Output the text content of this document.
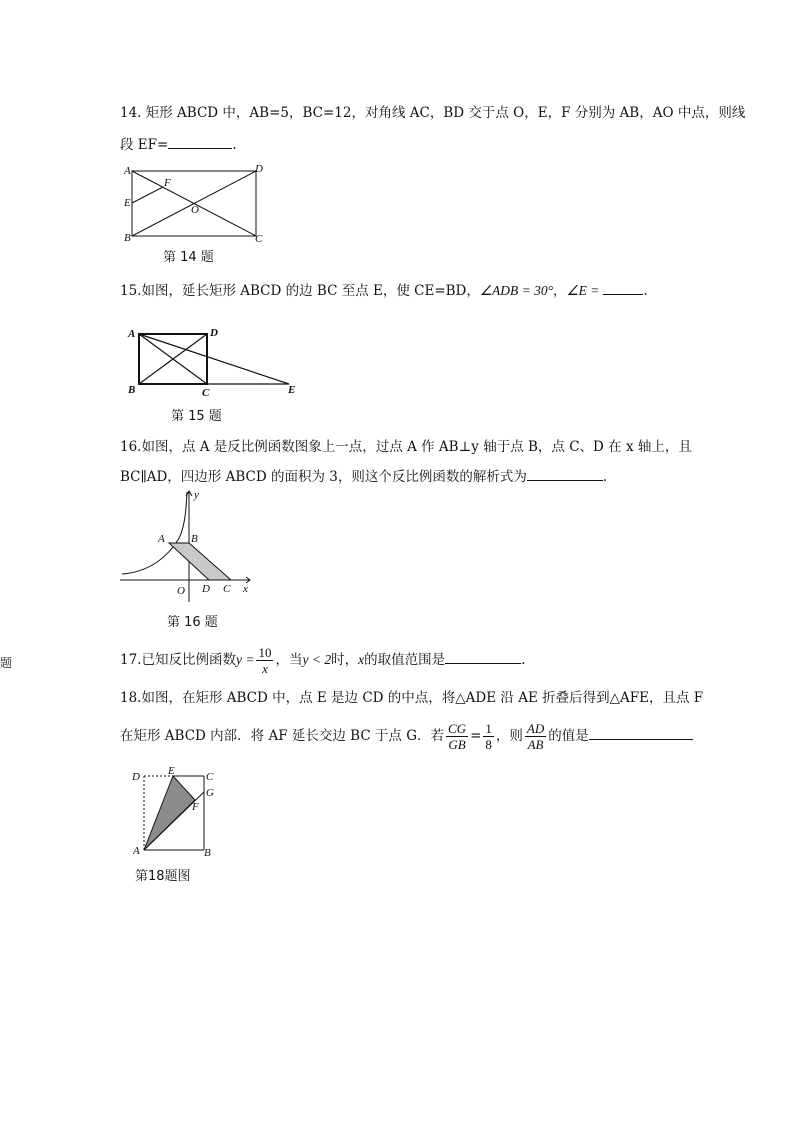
14. 矩形 ABCD 中，AB=5，BC=12，对角线 AC，BD 交于点 O，E，F 分别为 AB，AO 中点，则线
段 EF=	.
A
B	C
D
E
F
O
第 14 题
15.如图，延长矩形 ABCD 的边 BC 至点 E，使 CE=BD，∠ADB = 30°，∠E =	.
A
B	C
D
E
第 15 题
16.如图，点 A 是反比例函数图象上一点，过点 A 作 AB⊥y 轴于点 B，点 C、D 在 x 轴上，且
BC∥AD，四边形 ABCD 的面积为 3，则这个反比例函数的解析式为	.
A B
C
D
O	x
y
第 16 题
题	17.已知反比例函数$y = \frac{10}{x}$ ，当y < 2时，x的取值范围是	.
18.如图，在矩形 ABCD 中，点 E 是边 CD 的中点，将△ADE 沿 AE 折叠后得到△AFE，且点 F
在矩形 ABCD 内部．将 AF 延长交边 BC 于点 G．若 $\frac{CG}{GB} = \frac{1}{8}$ ，则 $\frac{AD}{AB}$ 的值是
A	B
C
D	E
F
G
第18题图
